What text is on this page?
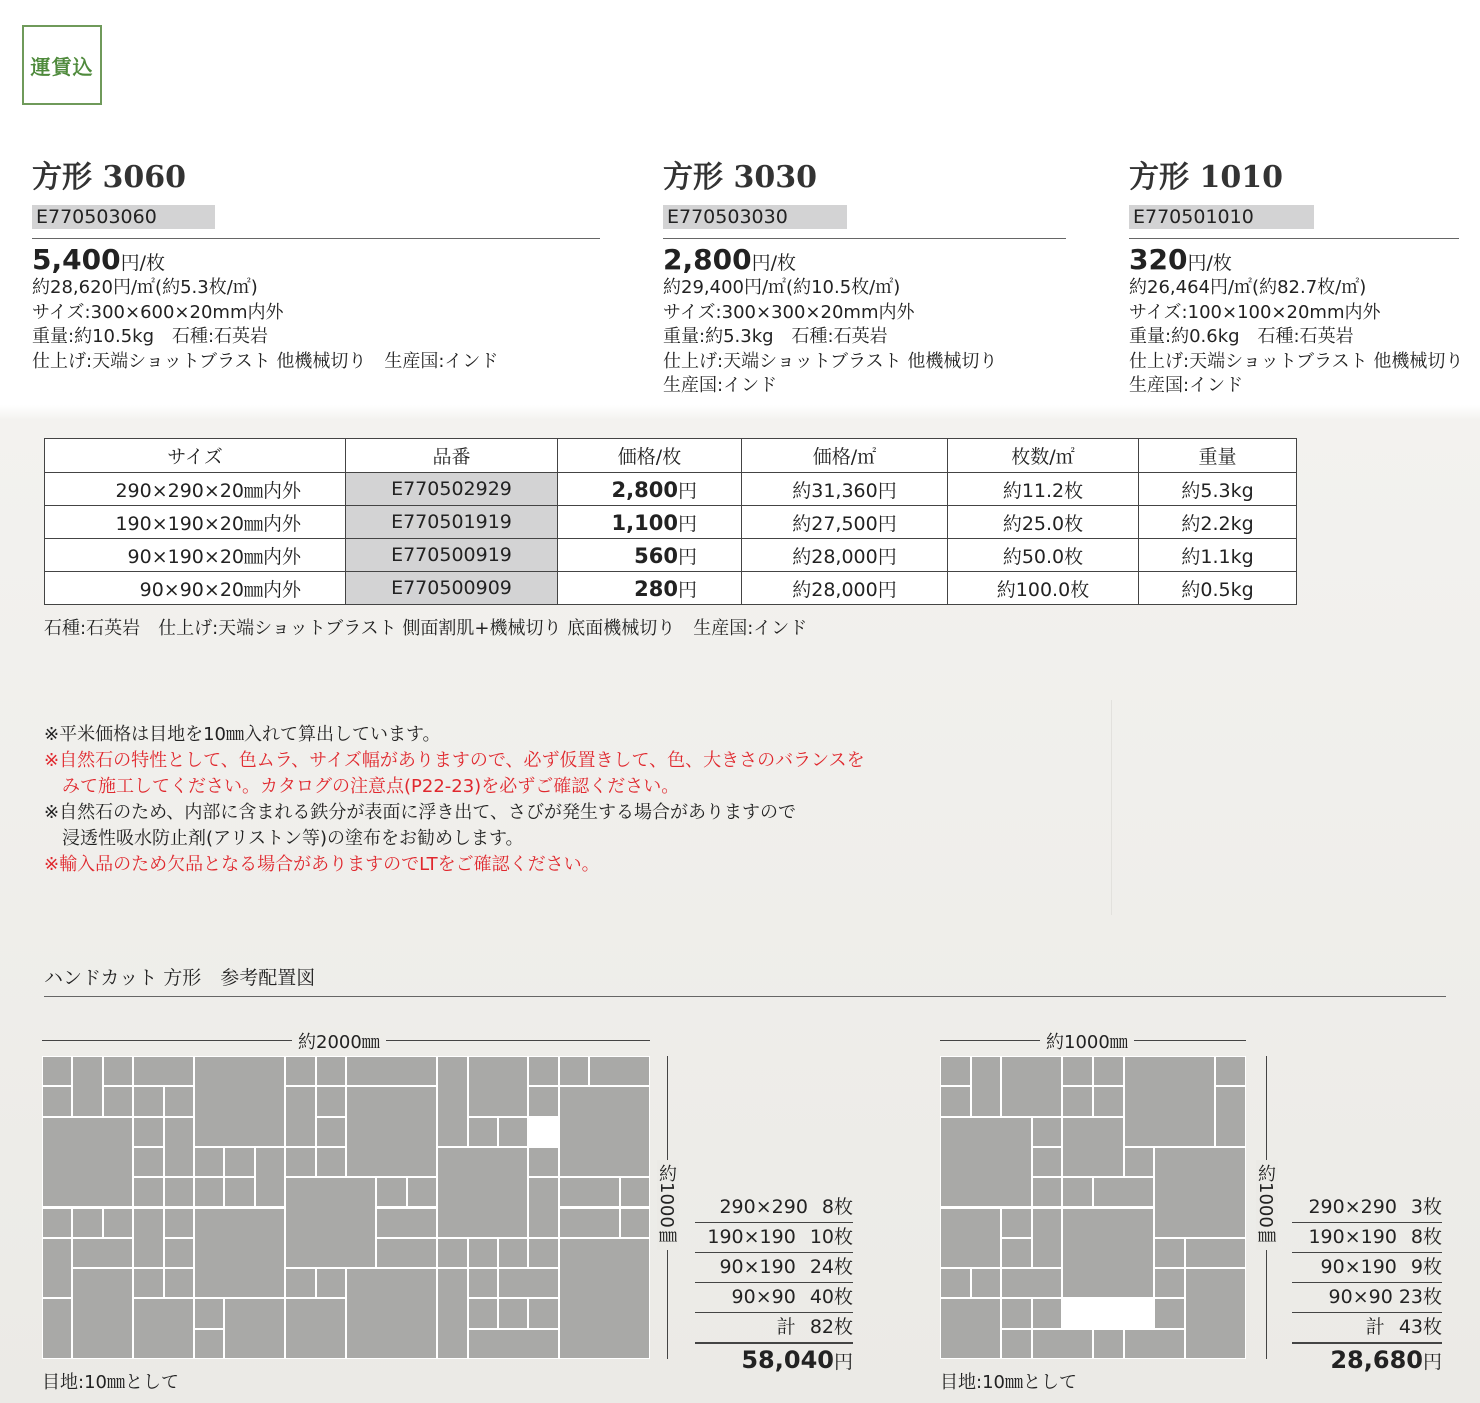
運賃込
方形 3060
E770503060
5,400円/枚
約28,620円/㎡(約5.3枚/㎡)
サイズ:300×600×20mm内外
重量:約10.5kg　石種:石英岩
仕上げ:天端ショットブラスト 他機械切り　生産国:インド
方形 3030
E770503030
2,800円/枚
約29,400円/㎡(約10.5枚/㎡)
サイズ:300×300×20mm内外
重量:約5.3kg　石種:石英岩
仕上げ:天端ショットブラスト 他機械切り
生産国:インド
方形 1010
E770501010
320円/枚
約26,464円/㎡(約82.7枚/㎡)
サイズ:100×100×20mm内外
重量:約0.6kg　石種:石英岩
仕上げ:天端ショットブラスト 他機械切り
生産国:インド
サイズ	品番	価格/枚	価格/㎡	枚数/㎡	重量
290×290×20㎜内外	E770502929	2,800円	約31,360円	約11.2枚	約5.3kg
190×190×20㎜内外	E770501919	1,100円	約27,500円	約25.0枚	約2.2kg
90×190×20㎜内外	E770500919	560円	約28,000円	約50.0枚	約1.1kg
90×90×20㎜内外	E770500909	280円	約28,000円	約100.0枚	約0.5kg
石種:石英岩　仕上げ:天端ショットブラスト 側面割肌+機械切り 底面機械切り　生産国:インド
※平米価格は目地を10㎜入れて算出しています。
※自然石の特性として、色ムラ、サイズ幅がありますので、必ず仮置きして、色、大きさのバランスを
　みて施工してください。カタログの注意点(P22-23)を必ずご確認ください。
※自然石のため、内部に含まれる鉄分が表面に浮き出て、さびが発生する場合がありますので
　浸透性吸水防止剤(アリストン等)の塗布をお勧めします。
※輸入品のため欠品となる場合がありますのでLTをご確認ください。
ハンドカット 方形　参考配置図
約2000㎜
約1000㎜
目地:10㎜として
290×290 8枚
190×190 10枚
90×190 24枚
90×90 40枚
計 82枚
58,040円
約1000㎜
約1000㎜
目地:10㎜として
290×290 3枚
190×190 8枚
90×190 9枚
90×90 23枚
計 43枚
28,680円
